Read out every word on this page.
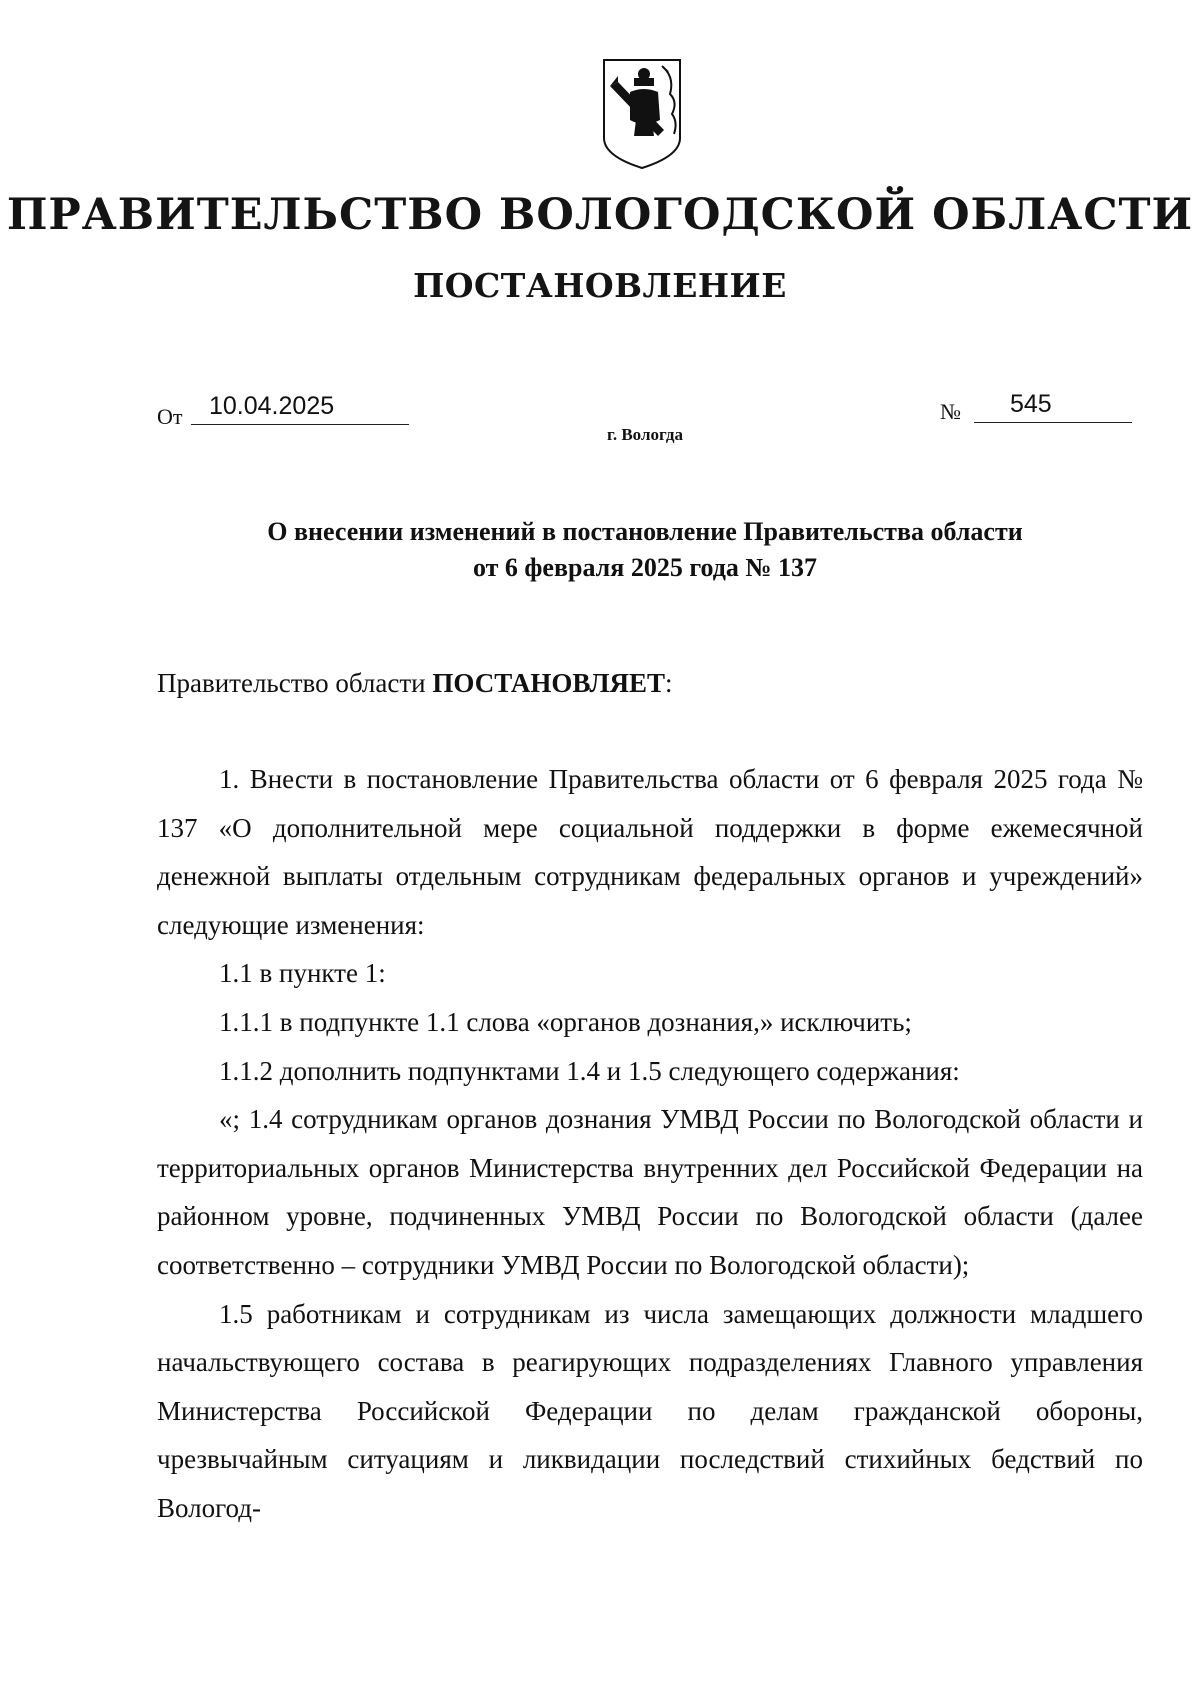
ПРАВИТЕЛЬСТВО ВОЛОГОДСКОЙ ОБЛАСТИ
ПОСТАНОВЛЕНИЕ
От	10.04.2025	№	545
г. Вологда
О внесении изменений в постановление Правительства области
от 6 февраля 2025 года № 137
Правительство области ПОСТАНОВЛЯЕТ:

1. Внести в постановление Правительства области от 6 февраля 2025 года № 137 «О дополнительной мере социальной поддержки в форме ежемесячной денежной выплаты отдельным сотрудникам федеральных органов и учреждений» следующие изменения:

1.1 в пункте 1:

1.1.1 в подпункте 1.1 слова «органов дознания,» исключить;

1.1.2 дополнить подпунктами 1.4 и 1.5 следующего содержания:

«; 1.4 сотрудникам органов дознания УМВД России по Вологодской области и территориальных органов Министерства внутренних дел Российской Федерации на районном уровне, подчиненных УМВД России по Вологодской области (далее соответственно – сотрудники УМВД России по Вологодской области);

1.5 работникам и сотрудникам из числа замещающих должности младшего начальствующего состава в реагирующих подразделениях Главного управления Министерства Российской Федерации по делам гражданской обороны, чрезвычайным ситуациям и ликвидации последствий стихийных бедствий по Вологод-
